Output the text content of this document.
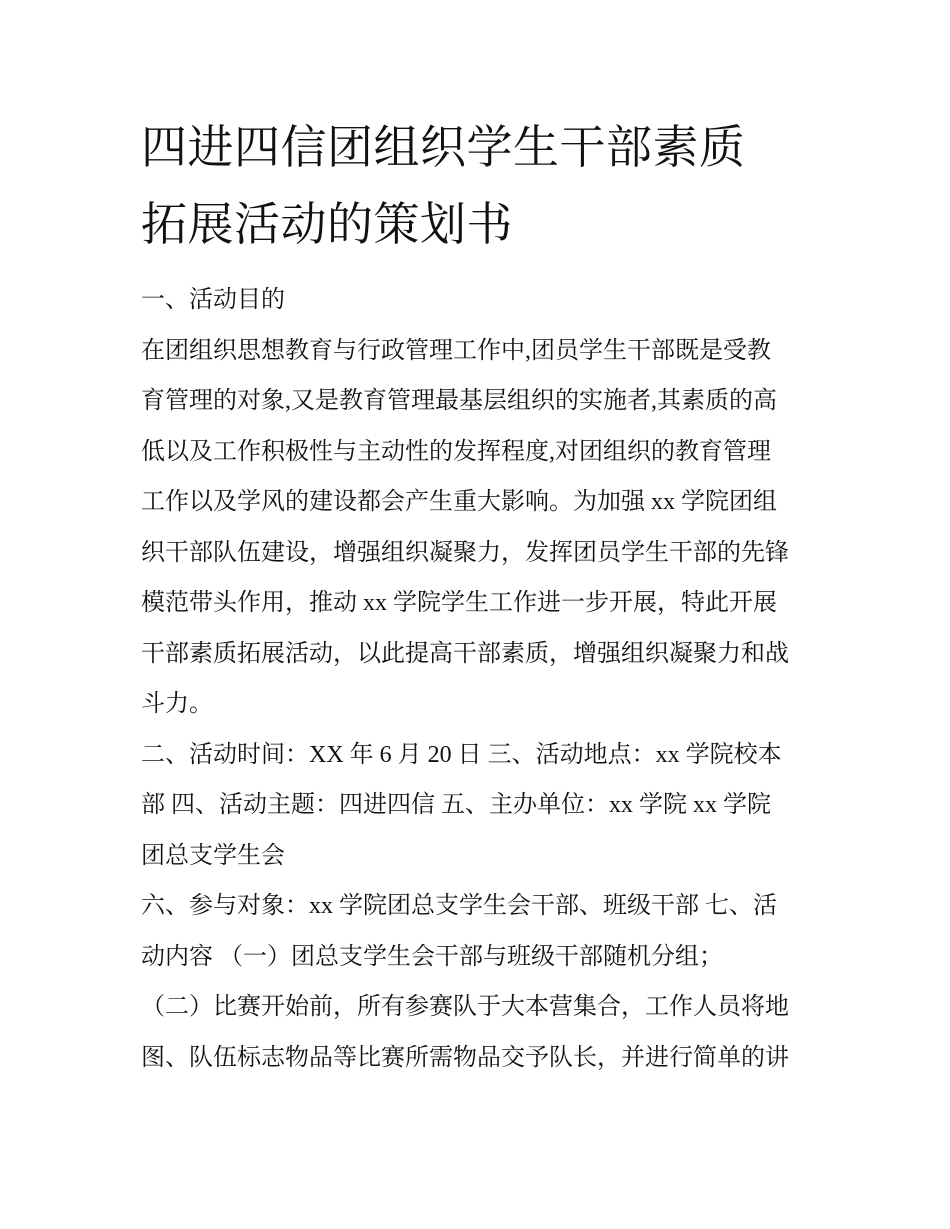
四进四信团组织学生干部素质
拓展活动的策划书
一、活动目的
在团组织思想教育与行政管理工作中,团员学生干部既是受教
育管理的对象,又是教育管理最基层组织的实施者,其素质的高
低以及工作积极性与主动性的发挥程度,对团组织的教育管理
工作以及学风的建设都会产生重大影响。为加强 xx 学院团组
织干部队伍建设，增强组织凝聚力，发挥团员学生干部的先锋
模范带头作用，推动 xx 学院学生工作进一步开展，特此开展
干部素质拓展活动，以此提高干部素质，增强组织凝聚力和战
斗力。
二、活动时间：XX 年 6 月 20 日 三、活动地点：xx 学院校本
部 四、活动主题：四进四信 五、主办单位：xx 学院 xx 学院
团总支学生会
六、参与对象：xx 学院团总支学生会干部、班级干部 七、活
动内容 （一）团总支学生会干部与班级干部随机分组；
（二）比赛开始前，所有参赛队于大本营集合，工作人员将地
图、队伍标志物品等比赛所需物品交予队长，并进行简单的讲
